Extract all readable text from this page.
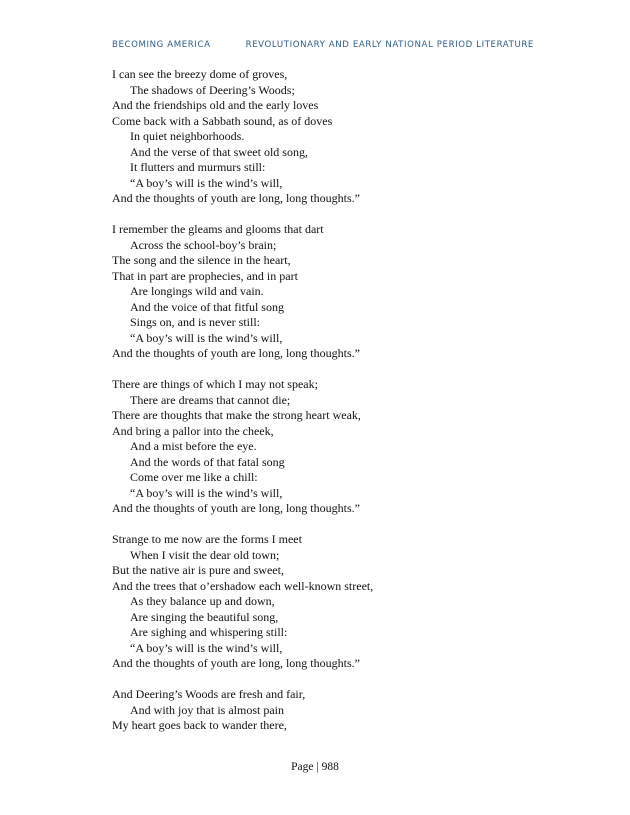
BECOMING AMERICA	REVOLUTIONARY AND EARLY NATIONAL PERIOD LITERATURE
I can see the breezy dome of groves,
The shadows of Deering’s Woods;
And the friendships old and the early loves
Come back with a Sabbath sound, as of doves
In quiet neighborhoods.
And the verse of that sweet old song,
It flutters and murmurs still:
“A boy’s will is the wind’s will,
And the thoughts of youth are long, long thoughts.”
I remember the gleams and glooms that dart
Across the school-boy’s brain;
The song and the silence in the heart,
That in part are prophecies, and in part
Are longings wild and vain.
And the voice of that fitful song
Sings on, and is never still:
“A boy’s will is the wind’s will,
And the thoughts of youth are long, long thoughts.”
There are things of which I may not speak;
There are dreams that cannot die;
There are thoughts that make the strong heart weak,
And bring a pallor into the cheek,
And a mist before the eye.
And the words of that fatal song
Come over me like a chill:
“A boy’s will is the wind’s will,
And the thoughts of youth are long, long thoughts.”
Strange to me now are the forms I meet
When I visit the dear old town;
But the native air is pure and sweet,
And the trees that o’ershadow each well-known street,
As they balance up and down,
Are singing the beautiful song,
Are sighing and whispering still:
“A boy’s will is the wind’s will,
And the thoughts of youth are long, long thoughts.”
And Deering’s Woods are fresh and fair,
And with joy that is almost pain
My heart goes back to wander there,
Page | 988
